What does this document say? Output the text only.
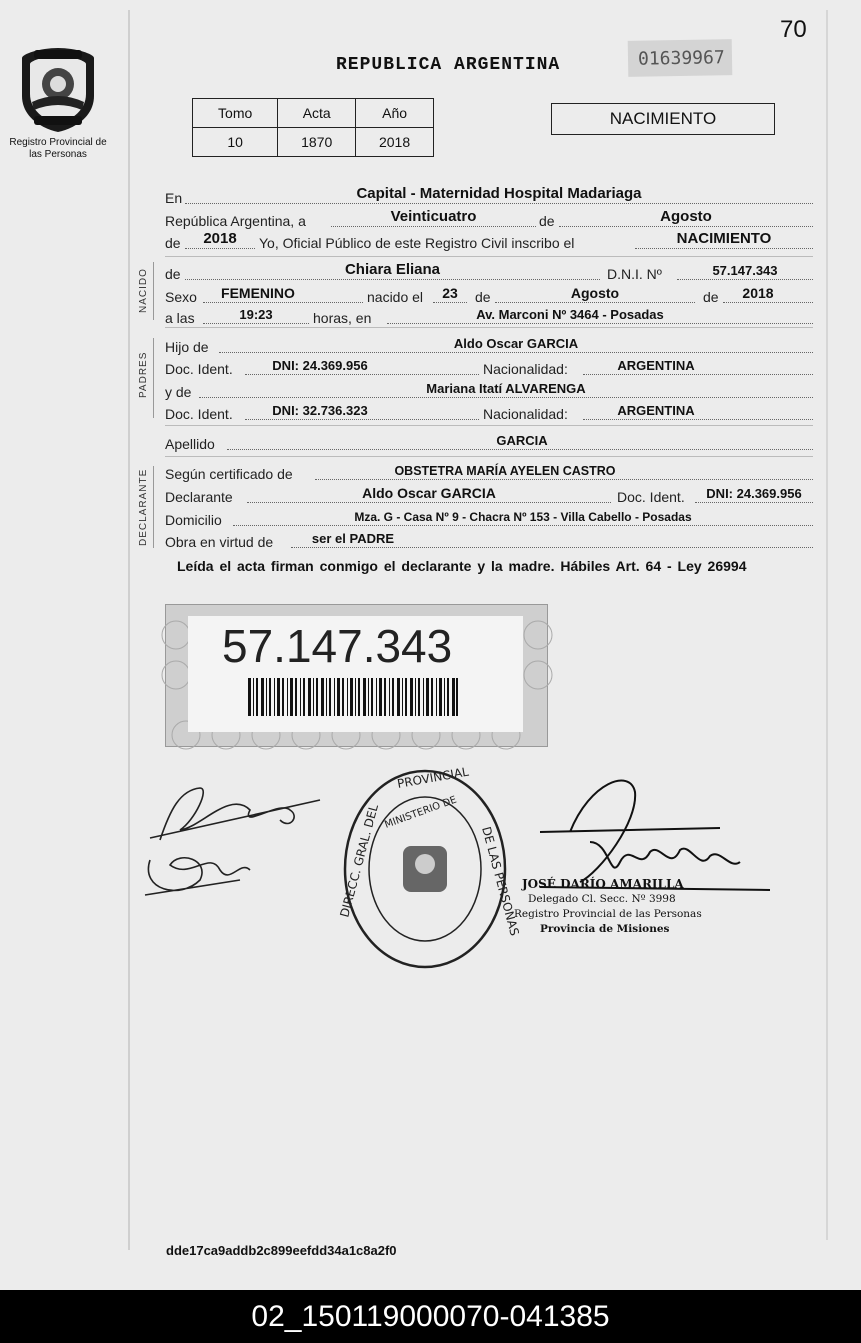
70
Registro Provincial de las Personas
REPUBLICA ARGENTINA	01639967
Tomo	Acta	Año
10	1870	2018
NACIMIENTO
En	Capital - Maternidad Hospital Madariaga
República Argentina, a	Veinticuatro	de	Agosto
de	2018	Yo, Oficial Público de este Registro Civil inscribo el	NACIMIENTO
NACIDO de	Chiara Eliana	D.N.I. Nº	57.147.343
Sexo	FEMENINO	nacido el	23	de	Agosto	de	2018
a las	19:23	horas, en	Av. Marconi Nº 3464 - Posadas
PADRES
Hijo de	Aldo Oscar GARCIA
Doc. Ident.	DNI: 24.369.956	Nacionalidad:	ARGENTINA
y de	Mariana Itatí ALVARENGA
Doc. Ident.	DNI: 32.736.323	Nacionalidad:	ARGENTINA
Apellido	GARCIA
DECLARANTE Según certificado de	OBSTETRA MARÍA AYELEN CASTRO
Declarante	Aldo Oscar GARCIA	Doc. Ident.	DNI: 24.369.956
Domicilio	Mza. G - Casa Nº 9 - Chacra Nº 153 - Villa Cabello - Posadas
Obra en virtud de	ser el PADRE
Leída el acta firman conmigo el declarante y la madre. Hábiles Art. 64 - Ley 26994
57.147.343
PROVINCIAL
DIRECC. GRAL. DEL	DE LAS PERSONAS
MINISTERIO DE
JOSÉ DARÍO AMARILLA
Delegado Cl. Secc. Nº 3998
Registro Provincial de las Personas
Provincia de Misiones
dde17ca9addb2c899eefdd34a1c8a2f0
02_150119000070-041385
